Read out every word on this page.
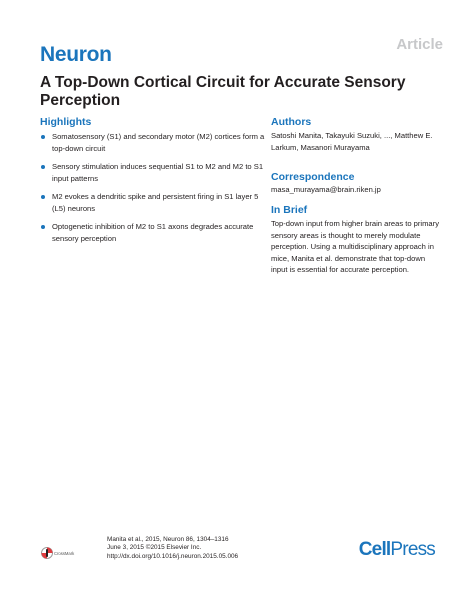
Neuron	Article
A Top-Down Cortical Circuit for Accurate Sensory Perception
Highlights
Somatosensory (S1) and secondary motor (M2) cortices form a top-down circuit
Sensory stimulation induces sequential S1 to M2 and M2 to S1 input patterns
M2 evokes a dendritic spike and persistent firing in S1 layer 5 (L5) neurons
Optogenetic inhibition of M2 to S1 axons degrades accurate sensory perception
Authors
Satoshi Manita, Takayuki Suzuki, ..., Matthew E. Larkum, Masanori Murayama
Correspondence
masa_murayama@brain.riken.jp
In Brief
Top-down input from higher brain areas to primary sensory areas is thought to merely modulate perception. Using a multidisciplinary approach in mice, Manita et al. demonstrate that top-down input is essential for accurate perception.
CrossMark
Manita et al., 2015, Neuron 86, 1304–1316
June 3, 2015 ©2015 Elsevier Inc.
http://dx.doi.org/10.1016/j.neuron.2015.05.006	CellPress
